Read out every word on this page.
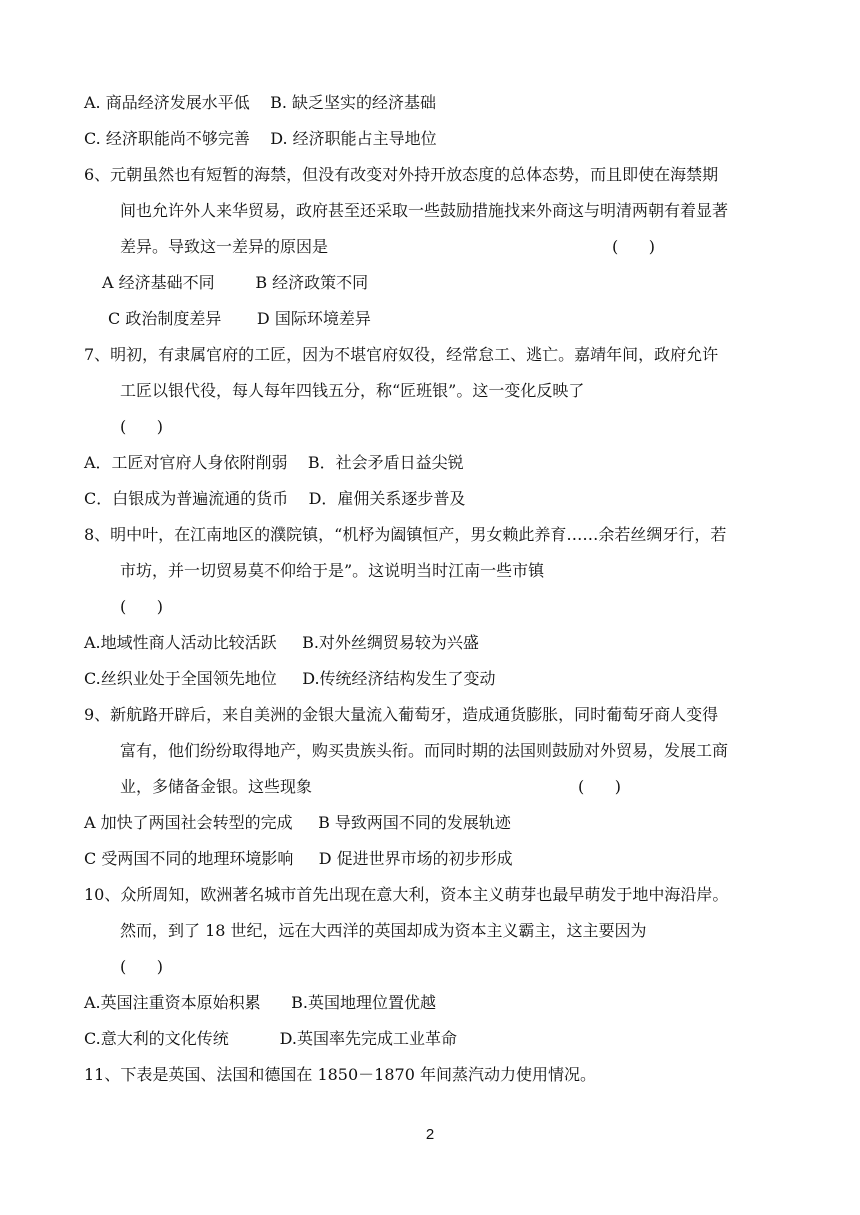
A. 商品经济发展水平低    B. 缺乏坚实的经济基础
C. 经济职能尚不够完善    D. 经济职能占主导地位
6、元朝虽然也有短暂的海禁，但没有改变对外持开放态度的总体态势，而且即使在海禁期
间也允许外人来华贸易，政府甚至还采取一些鼓励措施找来外商这与明清两朝有着显著
差异。导致这一差异的原因是	(      )
A 经济基础不同        B 经济政策不同
C 政治制度差异       D 国际环境差异
7、明初，有隶属官府的工匠，因为不堪官府奴役，经常怠工、逃亡。嘉靖年间，政府允许
工匠以银代役，每人每年四钱五分，称“匠班银”。这一变化反映了
(      )
A．工匠对官府人身依附削弱    B．社会矛盾日益尖锐
C．白银成为普遍流通的货币    D．雇佣关系逐步普及
8、明中叶，在江南地区的濮院镇，“机杼为阖镇恒产，男女赖此养育……余若丝绸牙行，若
市坊，并一切贸易莫不仰给于是”。这说明当时江南一些市镇
(      )
A.地域性商人活动比较活跃     B.对外丝绸贸易较为兴盛
C.丝织业处于全国领先地位     D.传统经济结构发生了变动
9、新航路开辟后，来自美洲的金银大量流入葡萄牙，造成通货膨胀，同时葡萄牙商人变得
富有，他们纷纷取得地产，购买贵族头衔。而同时期的法国则鼓励对外贸易，发展工商
业，多储备金银。这些现象	(      )
A 加快了两国社会转型的完成     B 导致两国不同的发展轨迹
C 受两国不同的地理环境影响     D 促进世界市场的初步形成
10、众所周知，欧洲著名城市首先出现在意大利，资本主义萌芽也最早萌发于地中海沿岸。
然而，到了 18 世纪，远在大西洋的英国却成为资本主义霸主，这主要因为
(      )
A.英国注重资本原始积累      B.英国地理位置优越
C.意大利的文化传统          D.英国率先完成工业革命
11、下表是英国、法国和德国在 1850－1870 年间蒸汽动力使用情况。
2
